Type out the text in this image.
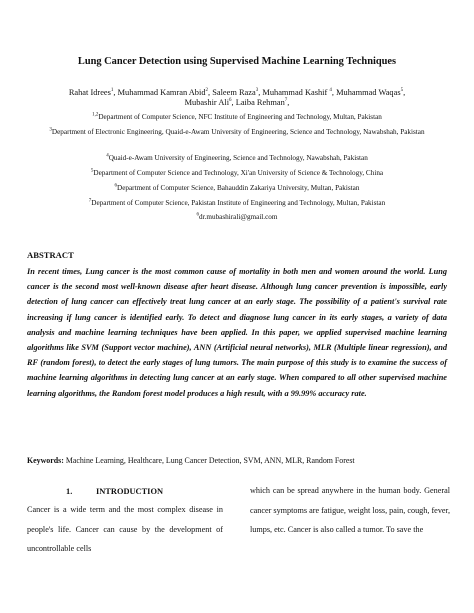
Lung Cancer Detection using Supervised Machine Learning Techniques
Rahat Idrees$^1$, Muhammad Kamran Abid$^2$, Saleem Raza$^3$, Muhammad Kashif $^4$, Muhammad Waqas$^5$,
Mubashir Ali$^6$, Laiba Rehman$^7$,
$^{1,2}$Department of Computer Science, NFC Institute of Engineering and Technology, Multan, Pakistan
$^3$Department of Electronic Engineering, Quaid-e-Awam University of Engineering, Science and Technology, Nawabshah, Pakistan
$^4$Quaid-e-Awam University of Engineering, Science and Technology, Nawabshah, Pakistan
$^5$Department of Computer Science and Technology, Xi'an University of Science & Technology, China
$^6$Department of Computer Science, Bahauddin Zakariya University, Multan, Pakistan
$^7$Department of Computer Science, Pakistan Institute of Engineering and Technology, Multan, Pakistan
$^6$dr.mubashirali@gmail.com
ABSTRACT

In recent times, Lung cancer is the most common cause of mortality in both men and women around the world. Lung cancer is the second most well-known disease after heart disease. Although lung cancer prevention is impossible, early detection of lung cancer can effectively treat lung cancer at an early stage. The possibility of a patient's survival rate increasing if lung cancer is identified early. To detect and diagnose lung cancer in its early stages, a variety of data analysis and machine learning techniques have been applied. In this paper, we applied supervised machine learning algorithms like SVM (Support vector machine), ANN (Artificial neural networks), MLR (Multiple linear regression), and RF (random forest), to detect the early stages of lung tumors. The main purpose of this study is to examine the success of machine learning algorithms in detecting lung cancer at an early stage. When compared to all other supervised machine learning algorithms, the Random forest model produces a high result, with a 99.99% accuracy rate.

Keywords: Machine Learning, Healthcare, Lung Cancer Detection, SVM, ANN, MLR, Random Forest
1.	INTRODUCTION

Cancer is a wide term and the most complex disease in people's life. Cancer can cause by the development of uncontrollable cells

which can be spread anywhere in the human body. General cancer symptoms are fatigue, weight loss, pain, cough, fever, lumps, etc. Cancer is also called a tumor. To save the
